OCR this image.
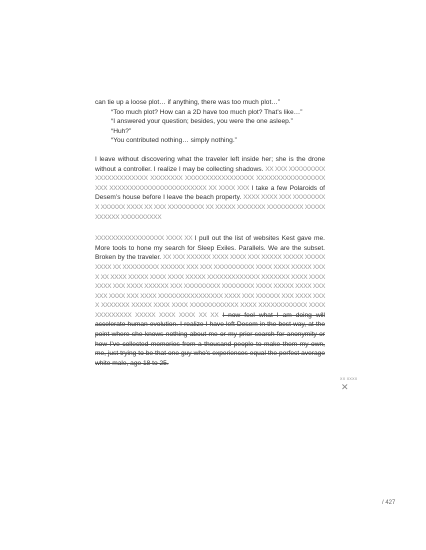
can tie up a loose plot… if anything, there was too much plot…”
“Too much plot? How can a 2D have too much plot? That’s like…”
“I answered your question; besides, you were the one asleep.”
“Huh?”
“You contributed nothing… simply nothing.”
I leave without discovering what the traveler left inside her; she is the drone without a controller. I realize I may be collecting shadows. XX XXX XXXXXXXXXXXXXXXXXXXXXX XXXXXXXX XXXXXXXXXXXXXXXXX XXXXXXXXXXXXXXXXXXXX XXXXXXXXXXXXXXXXXXXXXXXX XX XXXX XXX I take a few Polaroids of Desem’s house before I leave the beach property. XXXX XXXX XXX XXXXXXXXX XXXXXX XXXX XX XXX XXXXXXXXX XX XXXXX XXXXXXX XXXXXXXXX XXXXXXXXXXX XXXXXXXXXX
XXXXXXXXXXXXXXXXX XXXX XX I pull out the list of websites Kest gave me. More tools to hone my search for Sleep Exiles. Parallels. We are the subset. Broken by the traveler. XX XXX XXXXXX XXXX XXXX XXX XXXXX XXXXX XXXXX XXXX XX XXXXXXXXX XXXXXX XXX XXX XXXXXXXXXX XXXX XXXX XXXXX XXXX XX XXXX XXXXX XXXX XXXX XXXXX XXXXXXXXXXXXX XXXXXXX XXXX XXXX XXXX XXX XXXX XXXXXX XXX XXXXXXXXX XXXXXXXX XXXX XXXXX XXXX XXX XXX XXXX XXX XXXX XXXXXXXXXXXXXXXX XXXX XXX XXXXXX XXX XXXX XXXX XXXXXXX XXXXX XXXX XXXX XXXXXXXXXXXX XXXX XXXXXXXXXXXX XXXX XXXXXXXXX XXXXX XXXX XXXX XX XX I now feel what I am doing will accelerate human evolution. I realize I have left Desem in the best way, at the point where she knows nothing about me or my prior search for anonymity or how I’ve collected memories from a thousand people to make them my own, me, just trying to be that one guy who’s experiences equal the perfect average white male, age 18 to 25.
XX XXXX
✕
/ 427
